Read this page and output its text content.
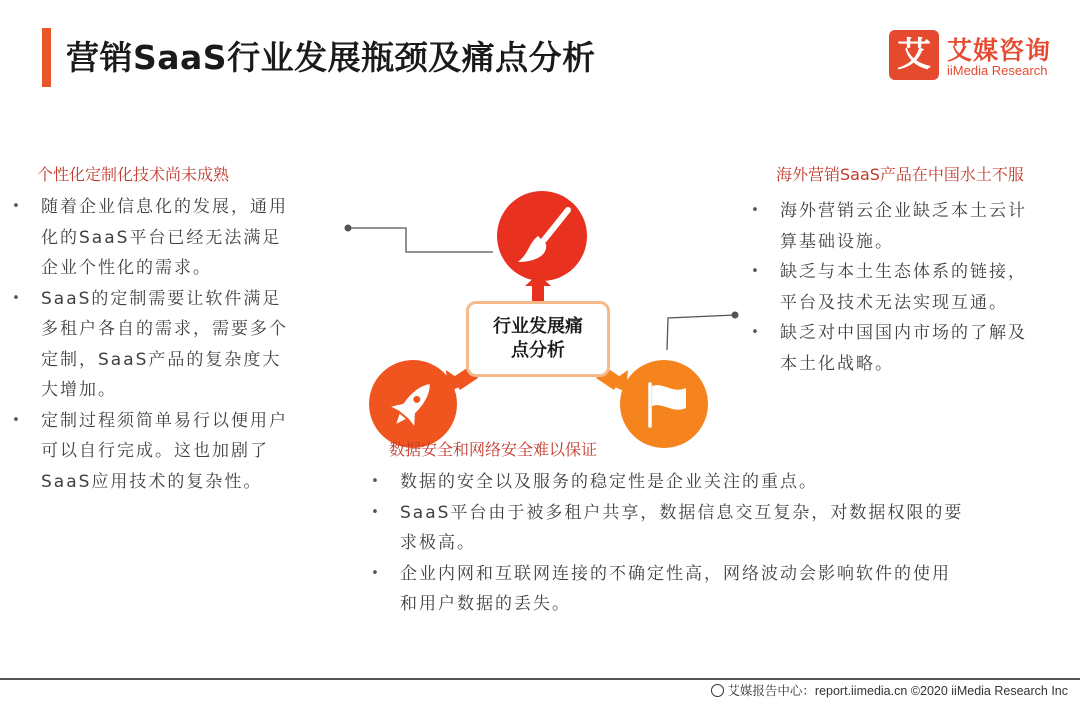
营销SaaS行业发展瓶颈及痛点分析	艾 艾媒咨询
iiMedia Research
行业发展痛点分析
个性化定制化技术尚未成熟
• 随着企业信息化的发展，通用
化的SaaS平台已经无法满足
企业个性化的需求。
• SaaS的定制需要让软件满足
多租户各自的需求，需要多个
定制，SaaS产品的复杂度大
大增加。
• 定制过程须简单易行以便用户
可以自行完成。这也加剧了
SaaS应用技术的复杂性。
海外营销SaaS产品在中国水土不服
• 海外营销云企业缺乏本土云计
算基础设施。
• 缺乏与本土生态体系的链接，
平台及技术无法实现互通。
• 缺乏对中国国内市场的了解及
本土化战略。
数据安全和网络安全难以保证
• 数据的安全以及服务的稳定性是企业关注的重点。
• SaaS平台由于被多租户共享，数据信息交互复杂，对数据权限的要
求极高。
• 企业内网和互联网连接的不确定性高，网络波动会影响软件的使用
和用户数据的丢失。
艾媒报告中心：report.iimedia.cn ©2020 iiMedia Research Inc
